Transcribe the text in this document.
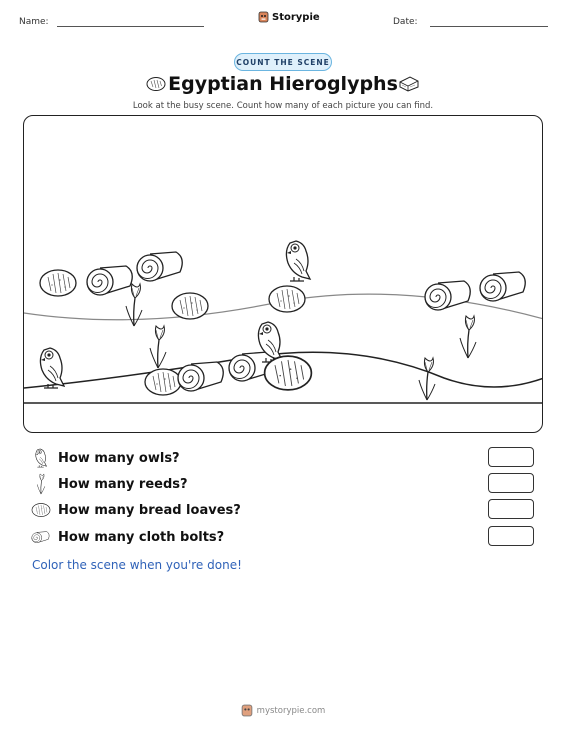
Name:	Storypie	Date:
COUNT THE SCENE
Egyptian Hieroglyphs
Look at the busy scene. Count how many of each picture you can find.
How many owls?
How many reeds?
How many bread loaves?
How many cloth bolts?
Color the scene when you're done!
mystorypie.com
